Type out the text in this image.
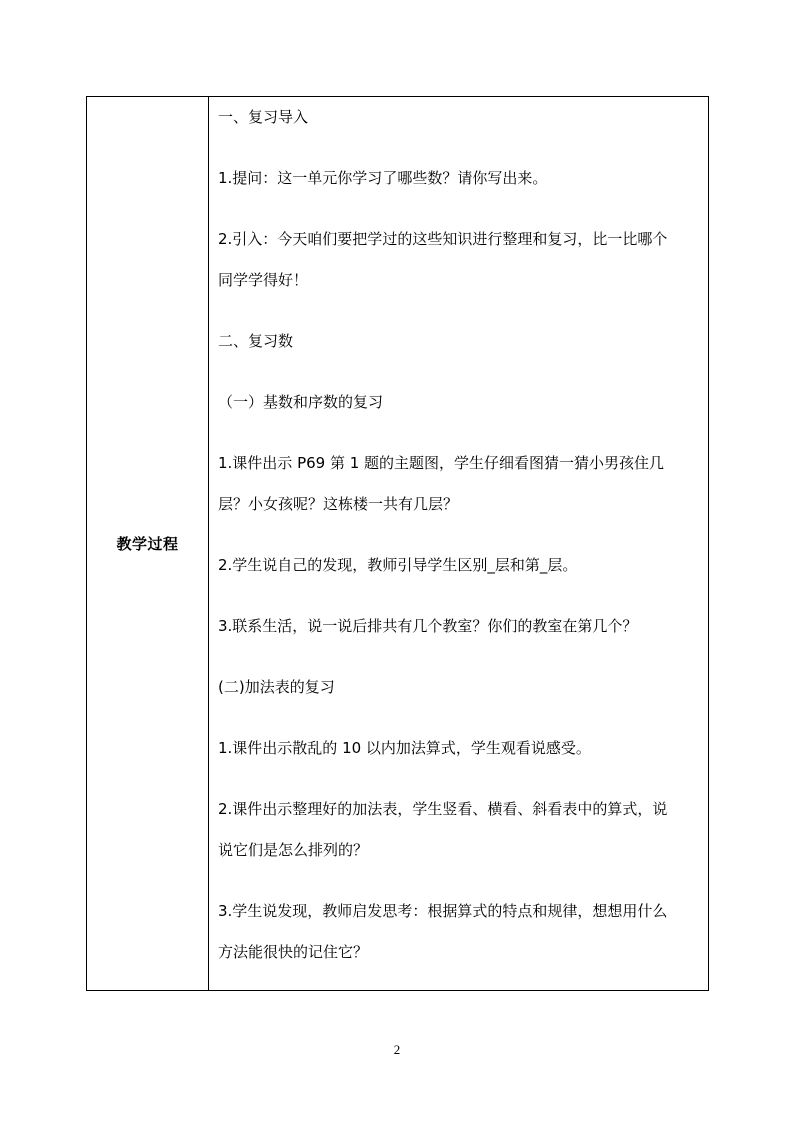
教学过程	

一、复习导入

1.提问：这一单元你学习了哪些数？请你写出来。

2.引入：今天咱们要把学过的这些知识进行整理和复习，比一比哪个

同学学得好！

二、复习数

（一）基数和序数的复习

1.课件出示 P69 第 1 题的主题图，学生仔细看图猜一猜小男孩住几

层？小女孩呢？这栋楼一共有几层？

2.学生说自己的发现，教师引导学生区别_层和第_层。

3.联系生活，说一说后排共有几个教室？你们的教室在第几个？

(二)加法表的复习

1.课件出示散乱的 10 以内加法算式，学生观看说感受。

2.课件出示整理好的加法表，学生竖看、横看、斜看表中的算式，说

说它们是怎么排列的？

3.学生说发现，教师启发思考：根据算式的特点和规律，想想用什么

方法能很快的记住它？

2
